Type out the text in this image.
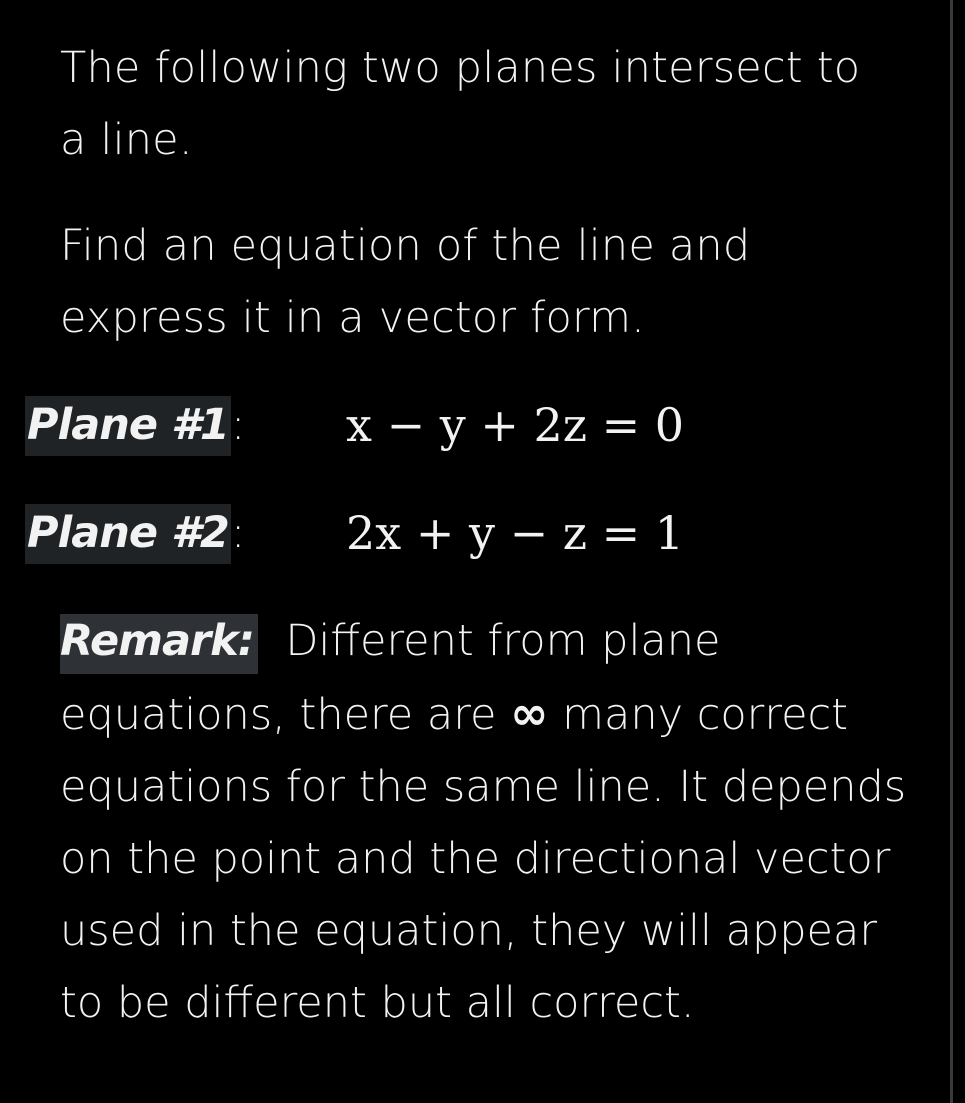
The following two planes intersect to a line.

Find an equation of the line and express it in a vector form.

Plane #1:	x − y + 2z = 0
Plane #2:	2x + y − z = 1

Remark: Different from plane equations, there are ∞ many correct equations for the same line. It depends on the point and the directional vector used in the equation, they will appear to be different but all correct.
